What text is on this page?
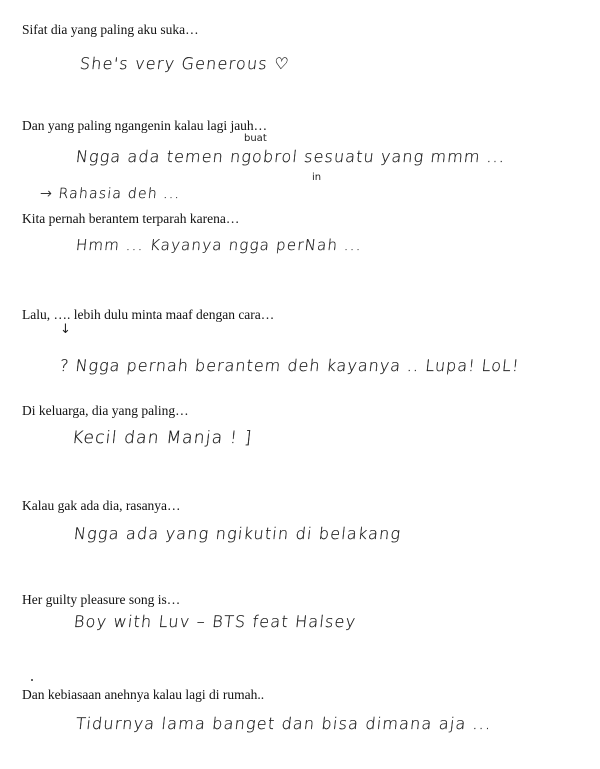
Sifat dia yang paling aku suka…
She's very Generous ♡
Dan yang paling ngangenin kalau lagi jauh…
buat
Ngga ada temen ngobrol sesuatu yang mmm ...
in
→ Rahasia deh ...
Kita pernah berantem terparah karena…
Hmm ... Kayanya ngga perNah ...
Lalu, …. lebih dulu minta maaf dengan cara…
↓
? Ngga pernah berantem deh kayanya .. Lupa! LoL!
Di keluarga, dia yang paling…
Kecil dan Manja ! ]
Kalau gak ada dia, rasanya…
Ngga ada yang ngikutin di belakang
Her guilty pleasure song is…
Boy with Luv – BTS feat Halsey
Dan kebiasaan anehnya kalau lagi di rumah..
Tidurnya lama banget dan bisa dimana aja ...
